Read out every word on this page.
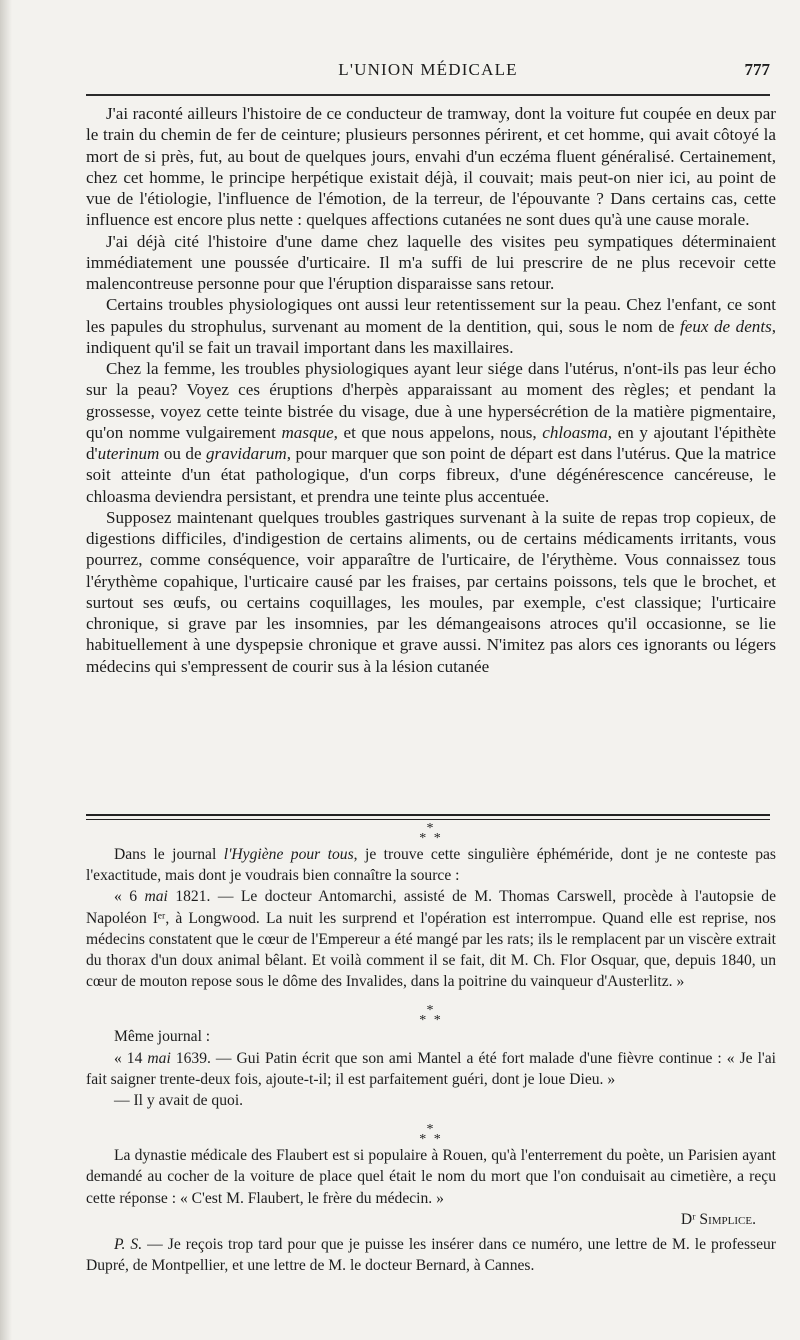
L'UNION MÉDICALE	777

J'ai raconté ailleurs l'histoire de ce conducteur de tramway, dont la voiture fut coupée en deux par le train du chemin de fer de ceinture; plusieurs personnes périrent, et cet homme, qui avait côtoyé la mort de si près, fut, au bout de quelques jours, envahi d'un eczéma fluent généralisé. Certainement, chez cet homme, le principe herpétique existait déjà, il couvait; mais peut-on nier ici, au point de vue de l'étiologie, l'influence de l'émotion, de la terreur, de l'épouvante ? Dans certains cas, cette influence est encore plus nette : quelques affections cutanées ne sont dues qu'à une cause morale.

J'ai déjà cité l'histoire d'une dame chez laquelle des visites peu sympatiques déterminaient immédiatement une poussée d'urticaire. Il m'a suffi de lui prescrire de ne plus recevoir cette malencontreuse personne pour que l'éruption disparaisse sans retour.

Certains troubles physiologiques ont aussi leur retentissement sur la peau. Chez l'enfant, ce sont les papules du strophulus, survenant au moment de la dentition, qui, sous le nom de feux de dents, indiquent qu'il se fait un travail important dans les maxillaires.

Chez la femme, les troubles physiologiques ayant leur siége dans l'utérus, n'ont-ils pas leur écho sur la peau? Voyez ces éruptions d'herpès apparaissant au moment des règles; et pendant la grossesse, voyez cette teinte bistrée du visage, due à une hypersécrétion de la matière pigmentaire, qu'on nomme vulgairement masque, et que nous appelons, nous, chloasma, en y ajoutant l'épithète d'uterinum ou de gravidarum, pour marquer que son point de départ est dans l'utérus. Que la matrice soit atteinte d'un état pathologique, d'un corps fibreux, d'une dégénérescence cancéreuse, le chloasma deviendra persistant, et prendra une teinte plus accentuée.

Supposez maintenant quelques troubles gastriques survenant à la suite de repas trop copieux, de digestions difficiles, d'indigestion de certains aliments, ou de certains médicaments irritants, vous pourrez, comme conséquence, voir apparaître de l'urticaire, de l'érythème. Vous connaissez tous l'érythème copahique, l'urticaire causé par les fraises, par certains poissons, tels que le brochet, et surtout ses œufs, ou certains coquillages, les moules, par exemple, c'est classique; l'urticaire chronique, si grave par les insomnies, par les démangeaisons atroces qu'il occasionne, se lie habituellement à une dyspepsie chronique et grave aussi. N'imitez pas alors ces ignorants ou légers médecins qui s'empressent de courir sus à la lésion cutanée

*
* *

Dans le journal l'Hygiène pour tous, je trouve cette singulière éphéméride, dont je ne conteste pas l'exactitude, mais dont je voudrais bien connaître la source :

« 6 mai 1821. — Le docteur Antomarchi, assisté de M. Thomas Carswell, procède à l'autopsie de Napoléon Iᵉʳ, à Longwood. La nuit les surprend et l'opération est interrompue. Quand elle est reprise, nos médecins constatent que le cœur de l'Empereur a été mangé par les rats; ils le remplacent par un viscère extrait du thorax d'un doux animal bêlant. Et voilà comment il se fait, dit M. Ch. Flor Osquar, que, depuis 1840, un cœur de mouton repose sous le dôme des Invalides, dans la poitrine du vainqueur d'Austerlitz. »

*
* *

Même journal :

« 14 mai 1639. — Gui Patin écrit que son ami Mantel a été fort malade d'une fièvre continue : « Je l'ai fait saigner trente-deux fois, ajoute-t-il; il est parfaitement guéri, dont je loue Dieu. »

— Il y avait de quoi.

*
* *

La dynastie médicale des Flaubert est si populaire à Rouen, qu'à l'enterrement du poète, un Parisien ayant demandé au cocher de la voiture de place quel était le nom du mort que l'on conduisait au cimetière, a reçu cette réponse : « C'est M. Flaubert, le frère du médecin. »

Dʳ Simplice.

P. S. — Je reçois trop tard pour que je puisse les insérer dans ce numéro, une lettre de M. le professeur Dupré, de Montpellier, et une lettre de M. le docteur Bernard, à Cannes.
